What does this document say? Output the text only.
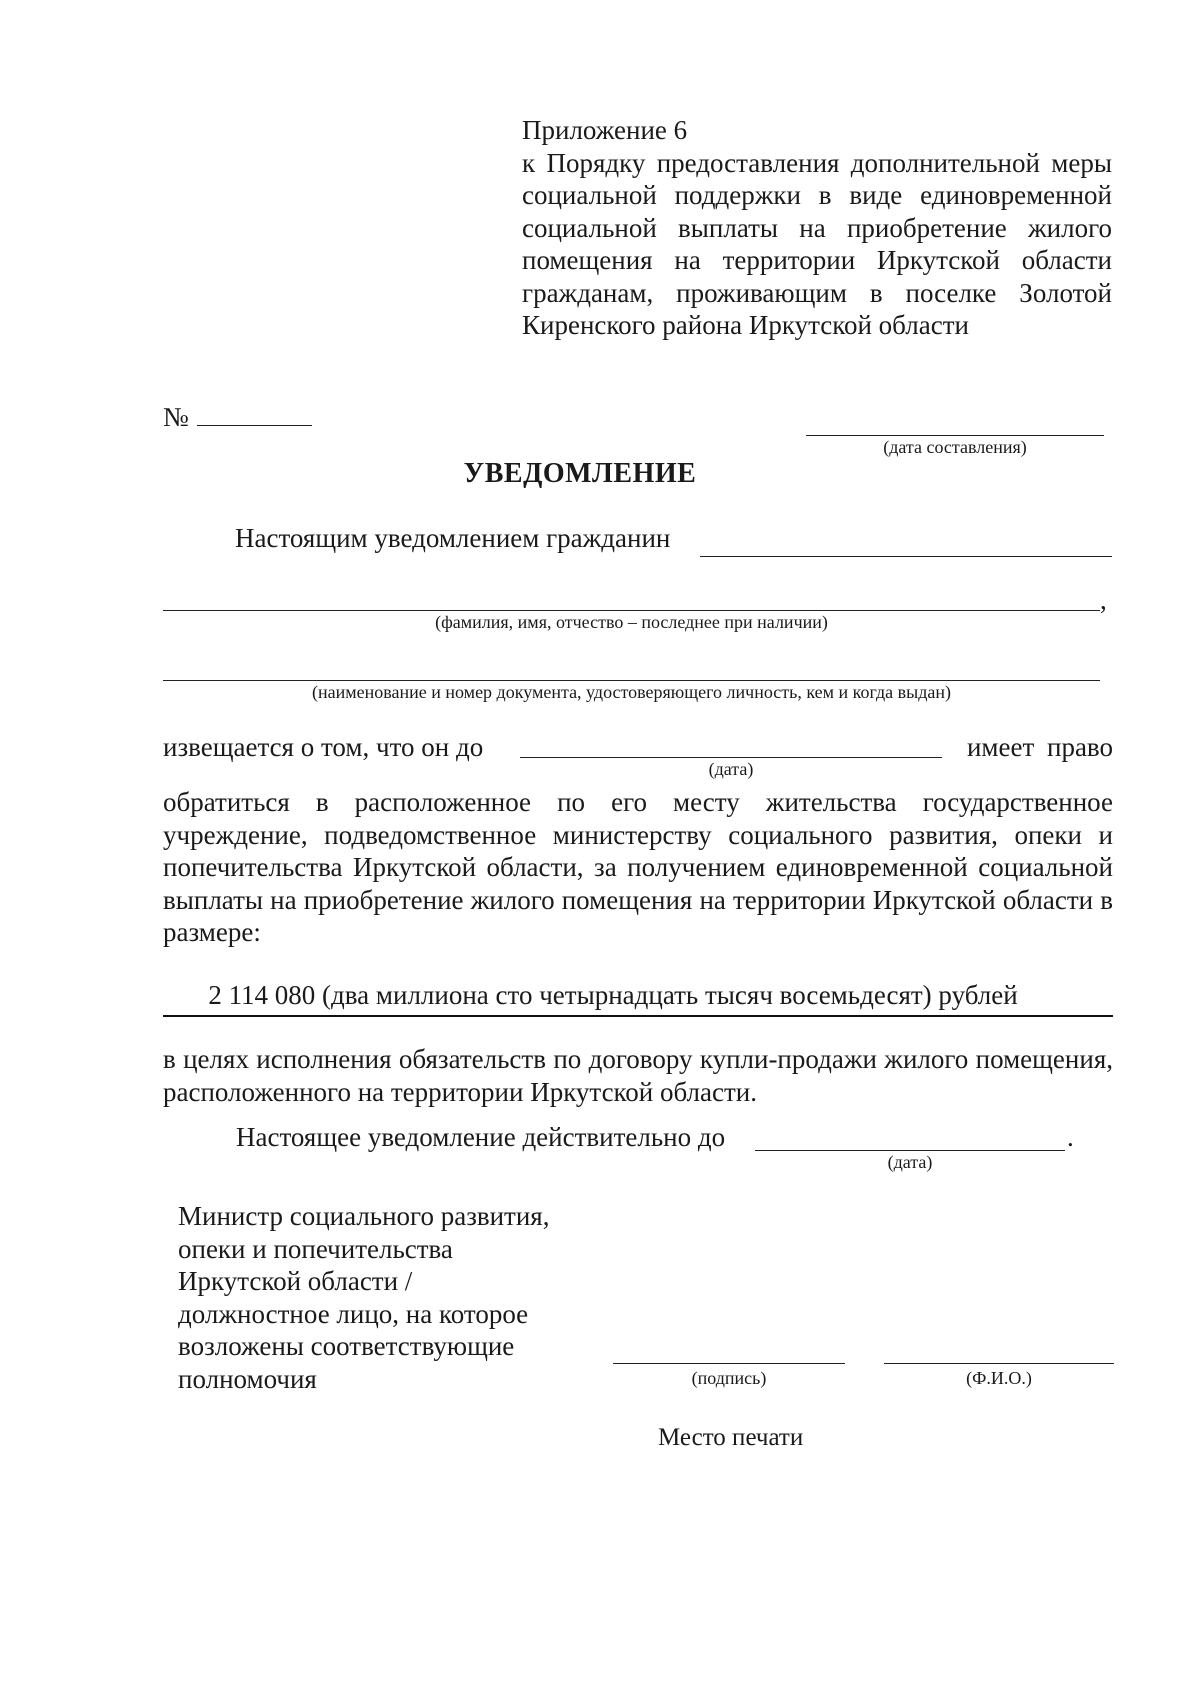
Приложение 6
к Порядку предоставления дополнительной меры социальной поддержки в виде единовременной социальной выплаты на приобретение жилого помещения на территории Иркутской области гражданам, проживающим в поселке Золотой Киренского района Иркутской области
№
(дата составления)
УВЕДОМЛЕНИЕ
Настоящим уведомлением гражданин
,
(фамилия, имя, отчество – последнее при наличии)
(наименование и номер документа, удостоверяющего личность, кем и когда выдан)
извещается о том, что он до	имеет право
(дата)

обратиться в расположенное по его месту жительства государственное учреждение, подведомственное министерству социального развития, опеки и попечительства Иркутской области, за получением единовременной социальной выплаты на приобретение жилого помещения на территории Иркутской области в размере:

2 114 080 (два миллиона сто четырнадцать тысяч восемьдесят) рублей

в целях исполнения обязательств по договору купли-продажи жилого помещения, расположенного на территории Иркутской области.

Настоящее уведомление действительно до	.
(дата)
Министр социального развития,
опеки и попечительства
Иркутской области /
должностное лицо, на которое
возложены соответствующие
полномочия	(подпись)	(Ф.И.О.)
Место печати
